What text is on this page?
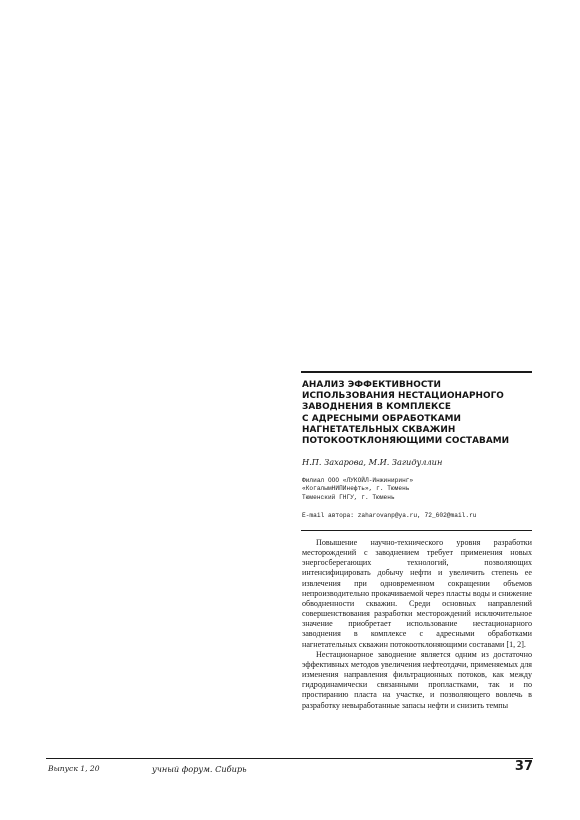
АНАЛИЗ ЭФФЕКТИВНОСТИ
ИСПОЛЬЗОВАНИЯ НЕСТАЦИОНАРНОГО
ЗАВОДНЕНИЯ В КОМПЛЕКСЕ
С АДРЕСНЫМИ ОБРАБОТКАМИ
НАГНЕТАТЕЛЬНЫХ СКВАЖИН
ПОТОКООТКЛОНЯЮЩИМИ СОСТАВАМИ

Н.П. Захарова, М.И. Загидуллин

Филиал ООО «ЛУКОЙЛ-Инжиниринг»
«КогалымНИПИнефть», г. Тюмень
Тюменский ГНГУ, г. Тюмень

E-mail автора: zaharovanp@ya.ru, 72_602@mail.ru

Повышение научно-технического уровня разработки месторождений с заводнением требует применения новых энергосберегающих технологий, позволяющих интенсифицировать добычу нефти и увеличить степень ее извлечения при одновременном сокращении объемов непроизводительно прокачиваемой через пласты воды и снижение обводненности скважин. Среди основных направлений совершенствования разработки месторождений исключительное значение приобретает использование нестационарного заводнения в комплексе с адресными обработками нагнетательных скважин потокоотклоняющими составами [1, 2].

Нестационарное заводнение является одним из достаточно эффективных методов увеличения нефтеотдачи, применяемых для изменения направления фильтрационных потоков, как между гидродинамически связанными пропластками, так и по простиранию пласта на участке, и позволяющего вовлечь в разработку невыработанные запасы нефти и снизить темпы

Выпуск 1, 20	учный форум. Сибирь	37
